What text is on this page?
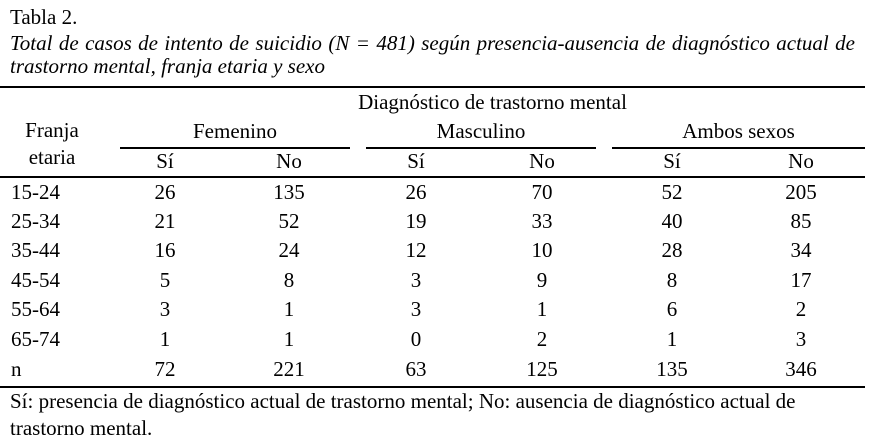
Tabla 2.
Total de casos de intento de suicidio (N = 481) según presencia-ausencia de diagnóstico actual de trastorno mental, franja etaria y sexo
Diagnóstico de trastorno mental
Franja
etaria
Femenino	Masculino	Ambos sexos
Sí	No	Sí	No	Sí	No
15-24	26	135	26	70	52	205
25-34	21	52	19	33	40	85
35-44	16	24	12	10	28	34
45-54	5	8	3	9	8	17
55-64	3	1	3	1	6	2
65-74	1	1	0	2	1	3
n	72	221	63	125	135	346
Sí: presencia de diagnóstico actual de trastorno mental; No: ausencia de diagnóstico actual de trastorno mental.
